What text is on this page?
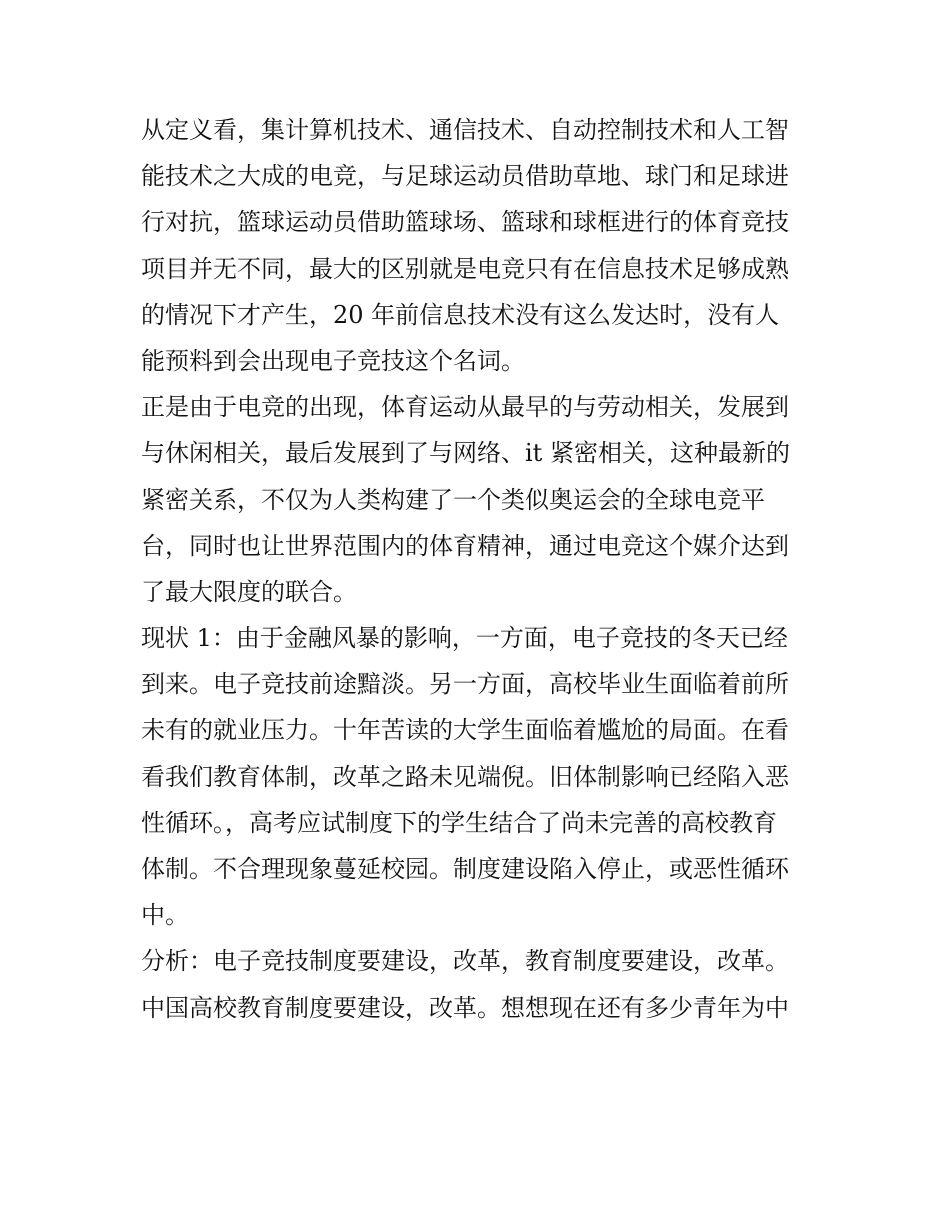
从定义看，集计算机技术、通信技术、自动控制技术和人工智
能技术之大成的电竞，与足球运动员借助草地、球门和足球进
行对抗，篮球运动员借助篮球场、篮球和球框进行的体育竞技
项目并无不同，最大的区别就是电竞只有在信息技术足够成熟
的情况下才产生，20 年前信息技术没有这么发达时，没有人
能预料到会出现电子竞技这个名词。
正是由于电竞的出现，体育运动从最早的与劳动相关，发展到
与休闲相关，最后发展到了与网络、it 紧密相关，这种最新的
紧密关系，不仅为人类构建了一个类似奥运会的全球电竞平
台，同时也让世界范围内的体育精神，通过电竞这个媒介达到
了最大限度的联合。
现状 1：由于金融风暴的影响，一方面，电子竞技的冬天已经
到来。电子竞技前途黯淡。另一方面，高校毕业生面临着前所
未有的就业压力。十年苦读的大学生面临着尴尬的局面。在看
看我们教育体制，改革之路未见端倪。旧体制影响已经陷入恶
性循环。，高考应试制度下的学生结合了尚未完善的高校教育
体制。不合理现象蔓延校园。制度建设陷入停止，或恶性循环
中。
分析：电子竞技制度要建设，改革，教育制度要建设，改革。
中国高校教育制度要建设，改革。想想现在还有多少青年为中
